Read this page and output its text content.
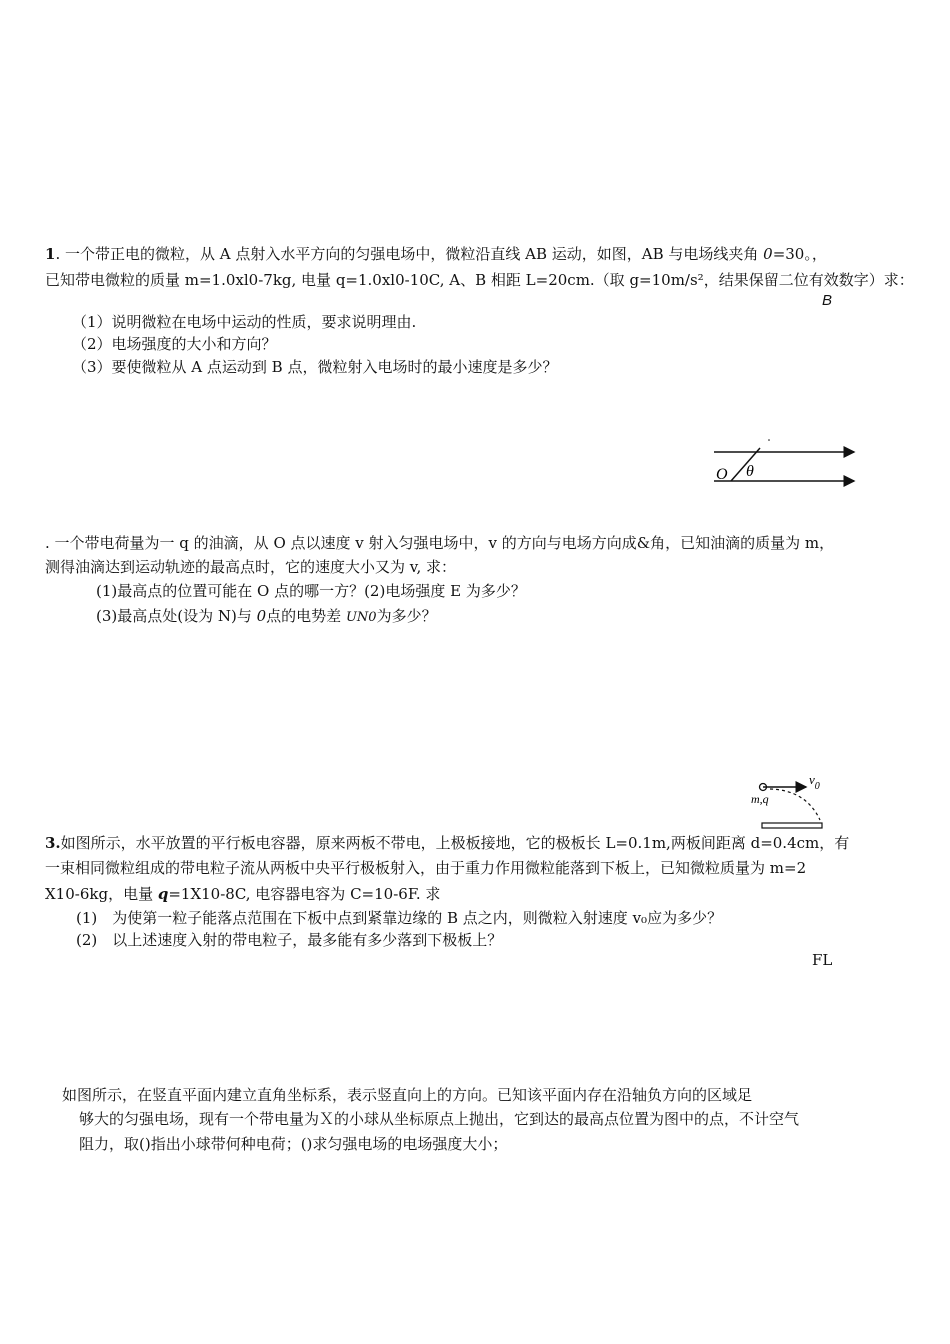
1. 一个带正电的微粒，从 A 点射入水平方向的匀强电场中，微粒沿直线 AB 运动，如图，AB 与电场线夹角 0=30。，
已知带电微粒的质量 m=1.0xl0-7kg, 电量 q=1.0xl0-10C, A、B 相距 L=20cm.（取 g=10m/s²，结果保留二位有效数字）求：
B
（1）说明微粒在电场中运动的性质，要求说明理由.
（2）电场强度的大小和方向？
（3）要使微粒从 A 点运动到 B 点，微粒射入电场时的最小速度是多少？
O θ
. 一个带电荷量为一 q 的油滴，从 O 点以速度 v 射入匀强电场中，v 的方向与电场方向成&角，已知油滴的质量为 m，
测得油滴达到运动轨迹的最高点时，它的速度大小又为 v, 求：
(1)最高点的位置可能在 O 点的哪一方？(2)电场强度 E 为多少？
(3)最高点处(设为 N)与 0点的电势差 UN0为多少？
$v_0$
m,q
3.如图所示，水平放置的平行板电容器，原来两板不带电，上极板接地，它的极板长 L=0.1m,两板间距离 d=0.4cm，有
一束相同微粒组成的带电粒子流从两板中央平行极板射入，由于重力作用微粒能落到下板上，已知微粒质量为 m=2
X10-6kg，电量 q=1X10-8C, 电容器电容为 C=10-6F. 求
(1)　为使第一粒子能落点范围在下板中点到紧靠边缘的 B 点之内，则微粒入射速度 v₀应为多少？
(2)　以上述速度入射的带电粒子，最多能有多少落到下极板上？
FL
如图所示，在竖直平面内建立直角坐标系，表示竖直向上的方向。已知该平面内存在沿轴负方向的区域足
够大的匀强电场，现有一个带电量为Ｘ的小球从坐标原点上抛出，它到达的最高点位置为图中的点，不计空气
阻力，取()指出小球带何种电荷；()求匀强电场的电场强度大小；
